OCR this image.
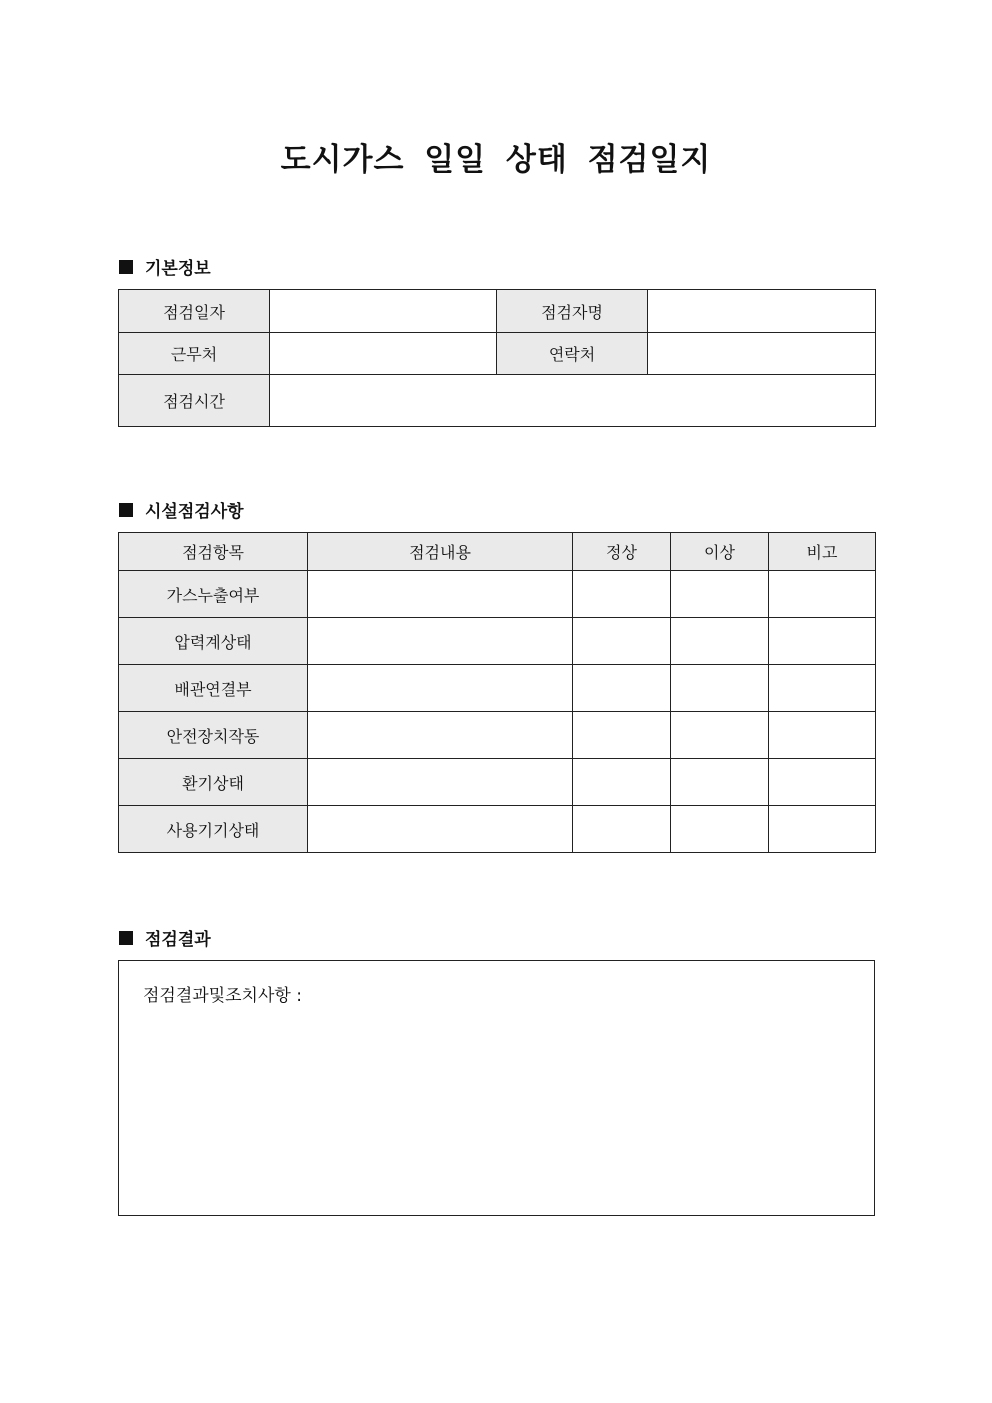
도시가스 일일 상태 점검일지
기본정보
점검일자		점검자명	
근무처		연락처	
점검시간			
시설점검사항
점검항목	점검내용	정상	이상	비고
가스누출여부				
압력계상태				
배관연결부				
안전장치작동				
환기상태				
사용기기상태				
점검결과
점검결과및조치사항 :
